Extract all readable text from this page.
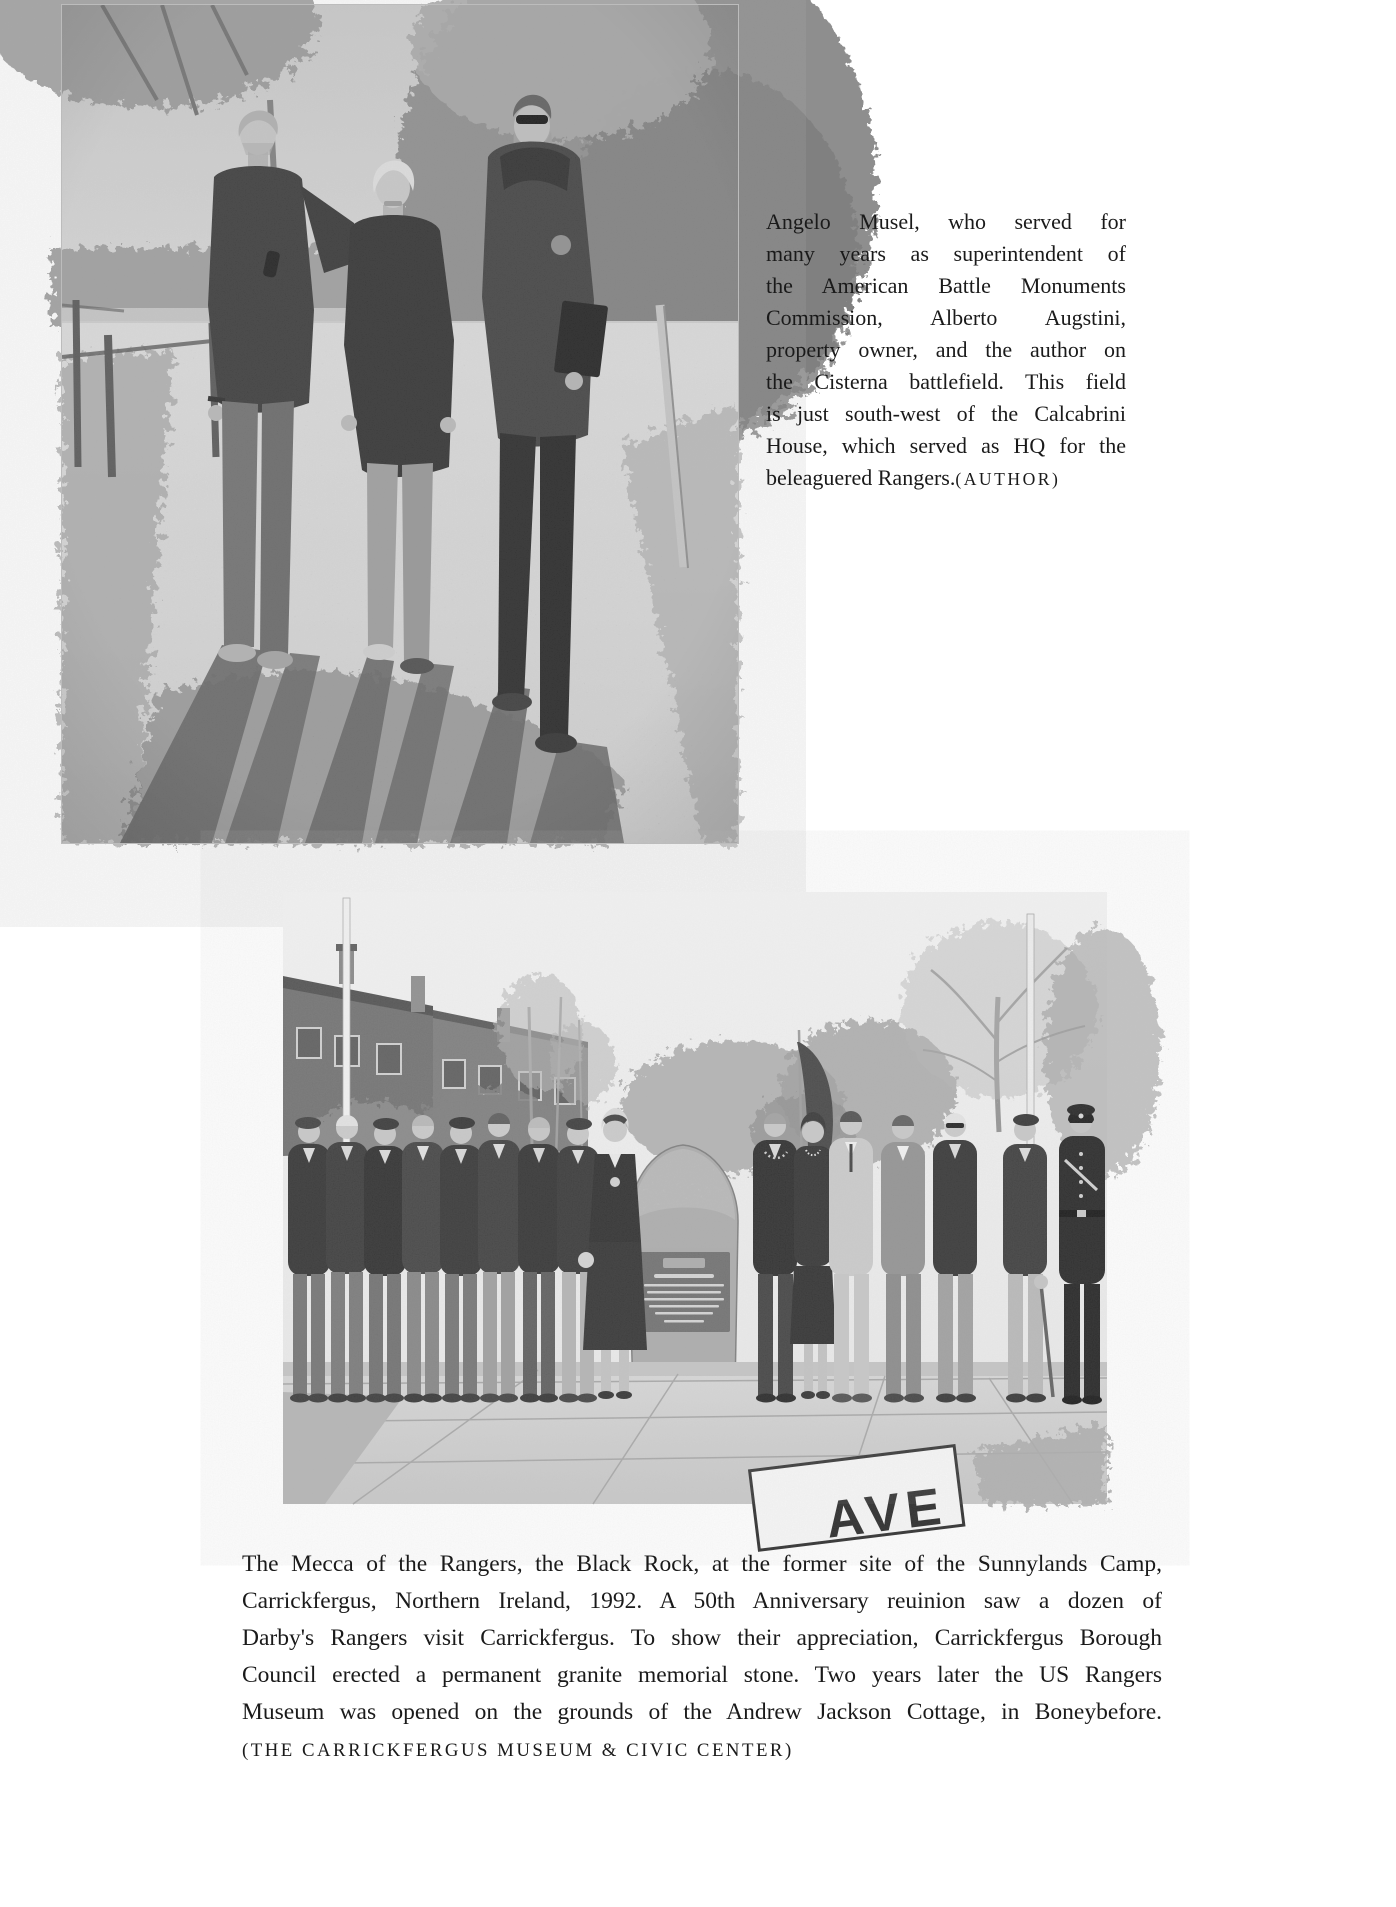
Angelo Musel, who served for
many years as superintendent of
the American Battle Monuments
Commission, Alberto Augstini,
property owner, and the author on
the Cisterna battlefield. This field
is just south-west of the Calcabrini
House, which served as HQ for the
beleaguered Rangers.(AUTHOR)
AVE
The Mecca of the Rangers, the Black Rock, at the former site of the Sunnylands Camp,
Carrickfergus, Northern Ireland, 1992. A 50th Anniversary reuinion saw a dozen of
Darby's Rangers visit Carrickfergus. To show their appreciation, Carrickfergus Borough
Council erected a permanent granite memorial stone. Two years later the US Rangers
Museum was opened on the grounds of the Andrew Jackson Cottage, in Boneybefore.
(THE CARRICKFERGUS MUSEUM & CIVIC CENTER)
